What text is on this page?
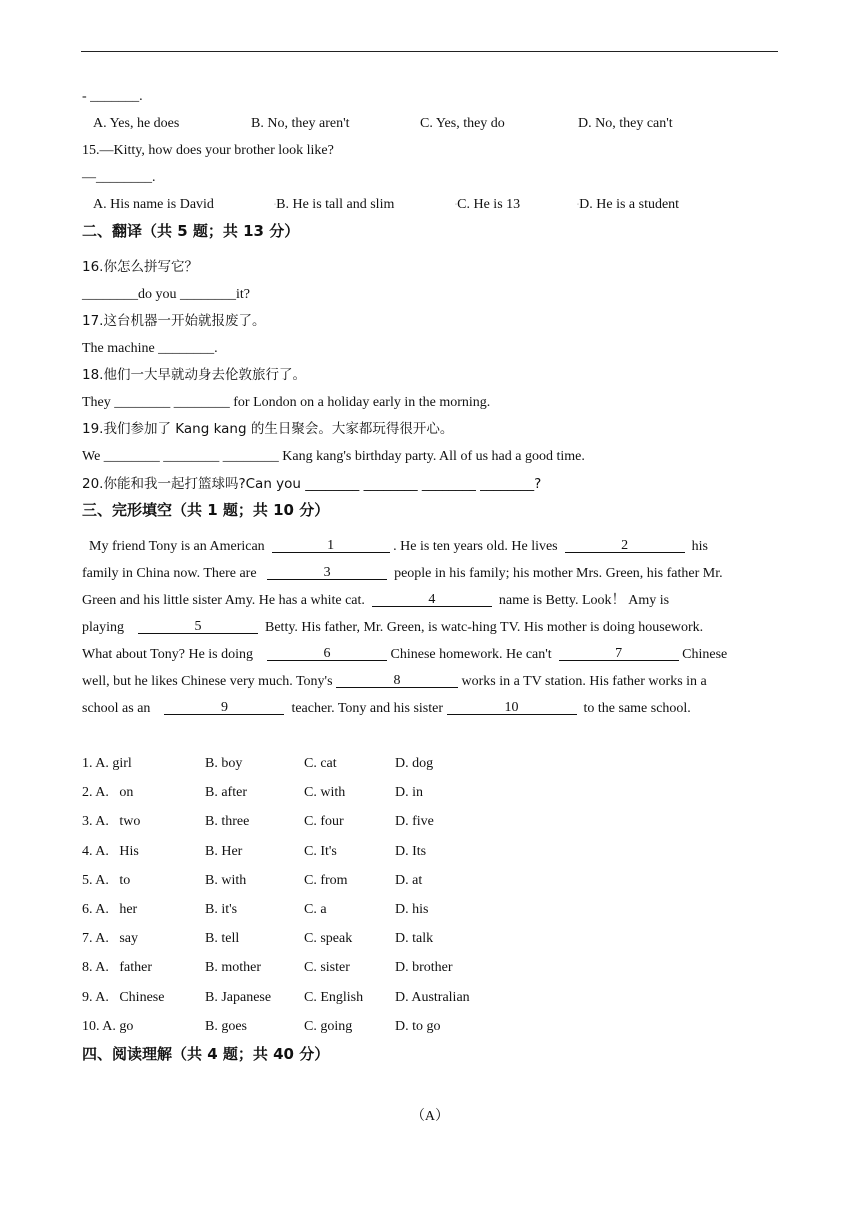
- _______.
A. Yes, he does	B. No, they aren't	C. Yes, they do	D. No, they can't
15.—Kitty, how does your brother look like?
—________.
A. His name is David	◦B. He is tall and slim	◦C. He is 13	◦D. He is a student
二、翻译（共 5 题；共 13 分）
16.你怎么拼写它？
________do you ________it?
17.这台机器一开始就报废了。
The machine ________.
18.他们一大早就动身去伦敦旅行了。
They ________ ________ for London on a holiday early in the morning.
19.我们参加了 Kang kang 的生日聚会。大家都玩得很开心。
We ________ ________ ________ Kang kang's birthday party. All of us had a good time.
20.你能和我一起打篮球吗?Can you ________ ________ ________ ________?
三、完形填空（共 1 题；共 10 分）
My friend Tony is an American	1	. He is ten years old. He lives	2	his
family in China now. There are	3	people in his family; his mother Mrs. Green, his father Mr.
Green and his little sister Amy. He has a white cat.	4	name is Betty. Look！ Amy is
playing	5	Betty. His father, Mr. Green, is watc-hing TV. His mother is doing housework.
What about Tony? He is doing	6	Chinese homework. He can't	7	Chinese
well, but he likes Chinese very much. Tony's	8	works in a TV station. His father works in a
school as an	9	teacher. Tony and his sister	10	to the same school.
1. A. girl	B. boy	C. cat	D. dog
2. A.   on	B. after	C. with	D. in
3. A.   two	B. three	C. four	D. five
4. A.   His	B. Her	C. It's	D. Its
5. A.   to	B. with	C. from	D. at
6. A.   her	B. it's	C. a	D. his
7. A.   say	B. tell	C. speak	D. talk
8. A.   father	B. mother	C. sister	D. brother
9. A.   Chinese	B. Japanese C. English D. Australian
10. A. go	B. goes	C. going	D. to go
四、阅读理解（共 4 题；共 40 分）
（A）
